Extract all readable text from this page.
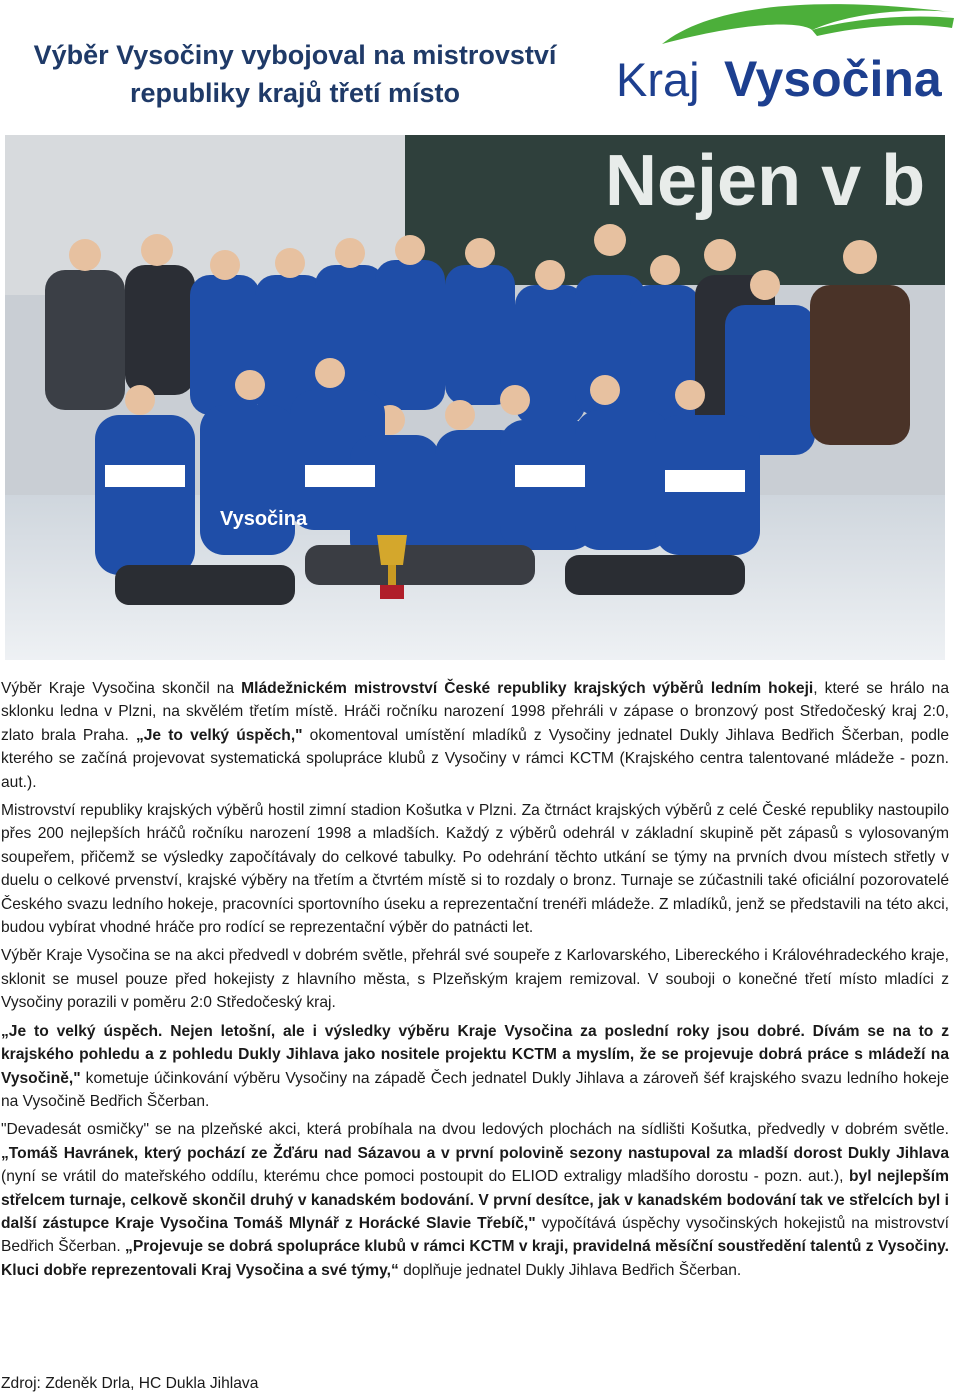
Výběr Vysočiny vybojoval na mistrovství
republiky krajů třetí místo	Kraj Vysočina
Nejen v b
Vysočina

Výběr Kraje Vysočina skončil na Mládežnickém mistrovství České republiky krajských výběrů ledním hokeji, které se hrálo na sklonku ledna v Plzni, na skvělém třetím místě. Hráči ročníku narození 1998 přehráli v zápase o bronzový post Středočeský kraj 2:0, zlato brala Praha. „Je to velký úspěch," okomentoval umístění mladíků z Vysočiny jednatel Dukly Jihlava Bedřich Ščerban, podle kterého se začíná projevovat systematická spolupráce klubů z Vysočiny v rámci KCTM (Krajského centra talentované mládeže - pozn. aut.).

Mistrovství republiky krajských výběrů hostil zimní stadion Košutka v Plzni. Za čtrnáct krajských výběrů z celé České republiky nastoupilo přes 200 nejlepších hráčů ročníku narození 1998 a mladších. Každý z výběrů odehrál v základní skupině pět zápasů s vylosovaným soupeřem, přičemž se výsledky započítávaly do celkové tabulky. Po odehrání těchto utkání se týmy na prvních dvou místech střetly v duelu o celkové prvenství, krajské výběry na třetím a čtvrtém místě si to rozdaly o bronz. Turnaje se zúčastnili také oficiální pozorovatelé Českého svazu ledního hokeje, pracovníci sportovního úseku a reprezentační trenéři mládeže. Z mladíků, jenž se představili na této akci, budou vybírat vhodné hráče pro rodící se reprezentační výběr do patnácti let.

Výběr Kraje Vysočina se na akci předvedl v dobrém světle, přehrál své soupeře z Karlovarského, Libereckého i Královéhradeckého kraje, sklonit se musel pouze před hokejisty z hlavního města, s Plzeňským krajem remizoval. V souboji o konečné třetí místo mladíci z Vysočiny porazili v poměru 2:0 Středočeský kraj.

„Je to velký úspěch. Nejen letošní, ale i výsledky výběru Kraje Vysočina za poslední roky jsou dobré. Dívám se na to z krajského pohledu a z pohledu Dukly Jihlava jako nositele projektu KCTM a myslím, že se projevuje dobrá práce s mládeží na Vysočině," kometuje účinkování výběru Vysočiny na západě Čech jednatel Dukly Jihlava a zároveň šéf krajského svazu ledního hokeje na Vysočině Bedřich Ščerban.

"Devadesát osmičky" se na plzeňské akci, která probíhala na dvou ledových plochách na sídlišti Košutka, předvedly v dobrém světle. „Tomáš Havránek, který pochází ze Žďáru nad Sázavou a v první polovině sezony nastupoval za mladší dorost Dukly Jihlava (nyní se vrátil do mateřského oddílu, kterému chce pomoci postoupit do ELIOD extraligy mladšího dorostu - pozn. aut.), byl nejlepším střelcem turnaje, celkově skončil druhý v kanadském bodování. V první desítce, jak v kanadském bodování tak ve střelcích byl i další zástupce Kraje Vysočina Tomáš Mlynář z Horácké Slavie Třebíč," vypočítává úspěchy vysočinských hokejistů na mistrovství Bedřich Ščerban. „Projevuje se dobrá spolupráce klubů v rámci KCTM v kraji, pravidelná měsíční soustředění talentů z Vysočiny. Kluci dobře reprezentovali Kraj Vysočina a své týmy,“ doplňuje jednatel Dukly Jihlava Bedřich Ščerban.

Zdroj: Zdeněk Drla, HC Dukla Jihlava
